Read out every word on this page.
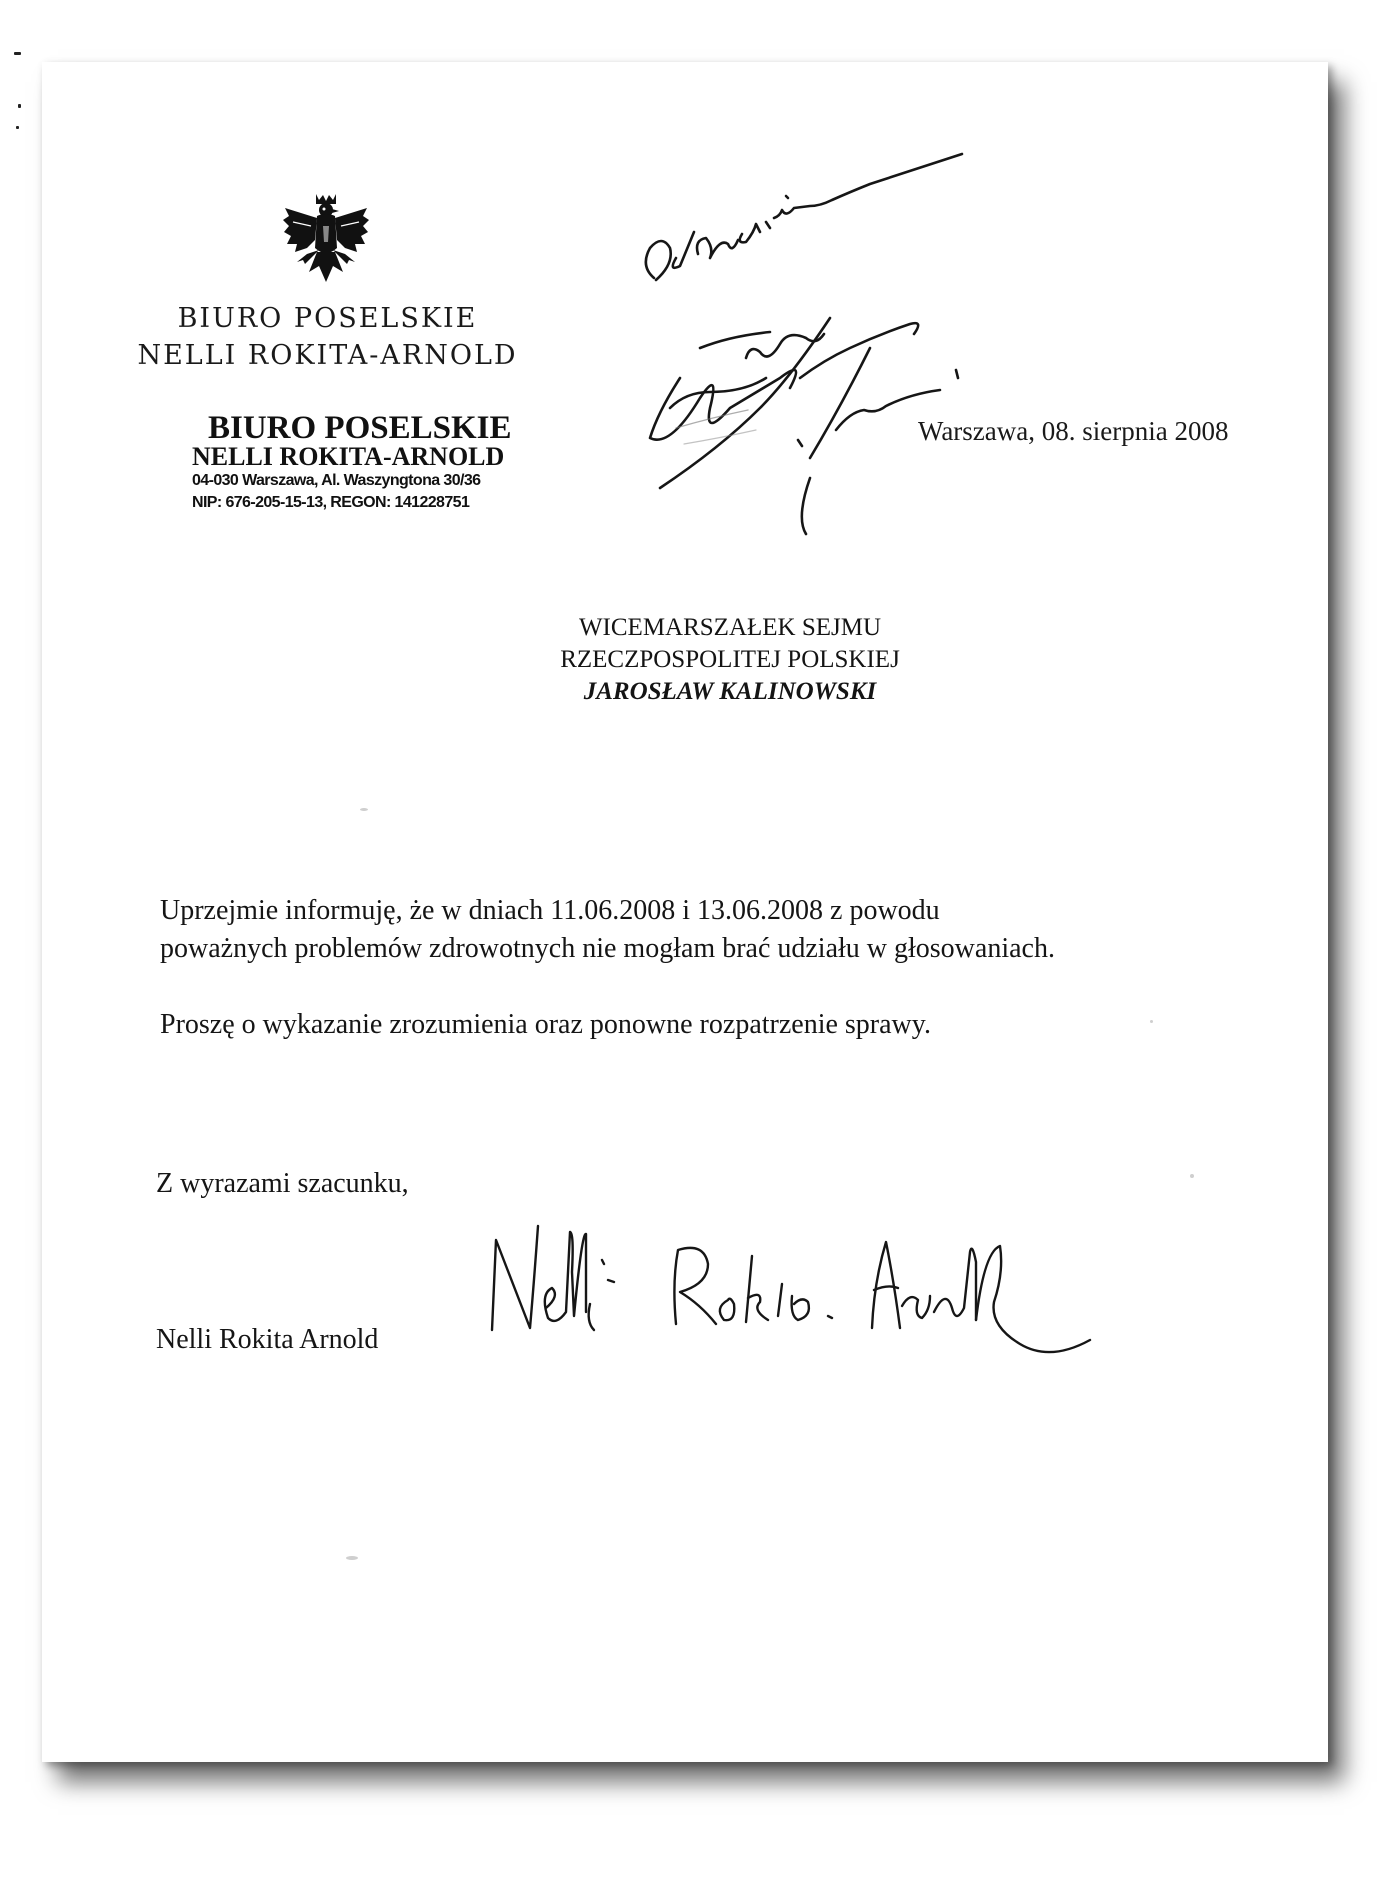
BIURO POSELSKIE
NELLI ROKITA-ARNOLD
BIURO POSELSKIE
NELLI ROKITA-ARNOLD
04-030 Warszawa, Al. Waszyngtona 30/36
NIP: 676-205-15-13, REGON: 141228751
Warszawa, 08. sierpnia 2008
WICEMARSZAŁEK SEJMU
RZECZPOSPOLITEJ POLSKIEJ
JAROSŁAW KALINOWSKI

Uprzejmie informuję, że w dniach 11.06.2008 i 13.06.2008 z powodu

poważnych problemów zdrowotnych nie mogłam brać udziału w głosowaniach.

Proszę o wykazanie zrozumienia oraz ponowne rozpatrzenie sprawy.

Z wyrazami szacunku,
Nelli Rokita Arnold
